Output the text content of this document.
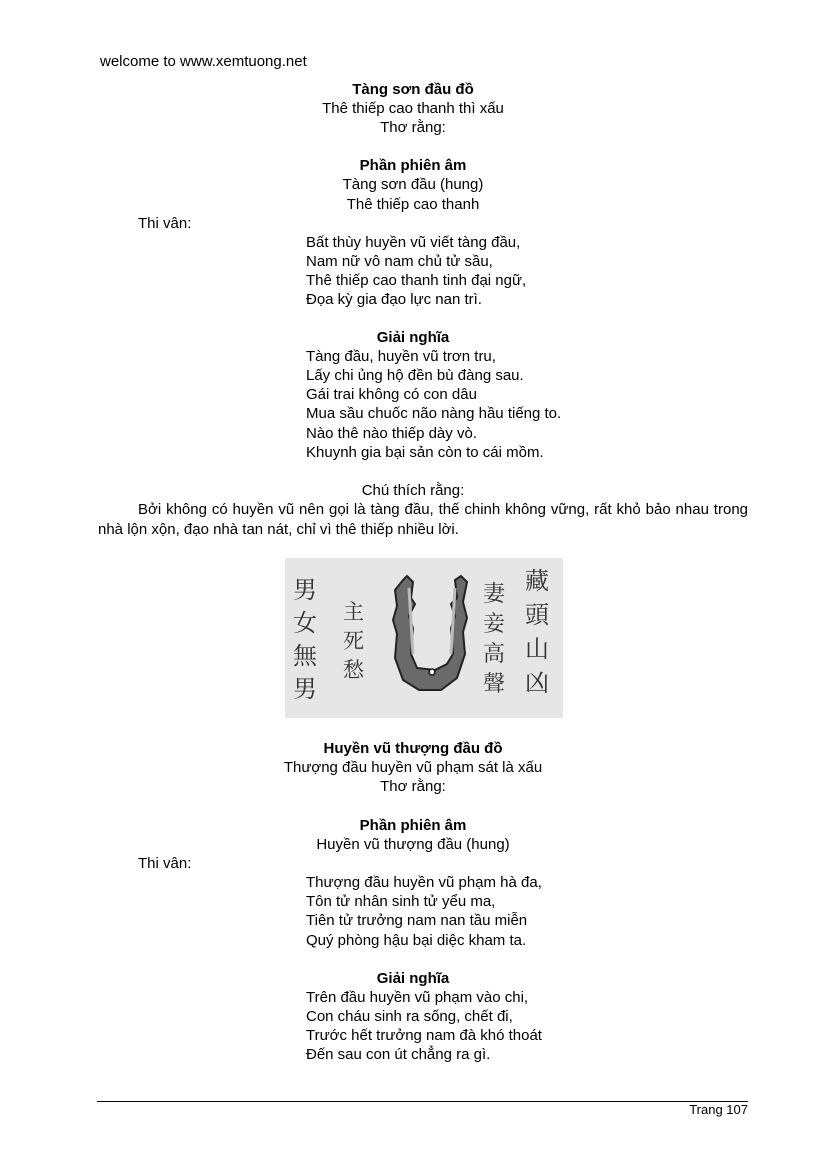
welcome to www.xemtuong.net
Tàng sơn đầu đồ
Thê thiếp cao thanh thì xấu
Thơ rằng:
Phần phiên âm
Tàng sơn đầu (hung)
Thê thiếp cao thanh
Thi vân:
Bất thùy huyền vũ viết tàng đầu,
Nam nữ vô nam chủ tử sầu,
Thê thiếp cao thanh tinh đại ngữ,
Đọa kỳ gia đạo lực nan trì.
Giải nghĩa
Tàng đầu, huyền vũ trơn tru,
Lấy chi ủng hộ đền bù đàng sau.
Gái trai không có con dâu
Mua sầu chuốc não nàng hầu tiếng to.
Nào thê nào thiếp dày vò.
Khuynh gia bại sản còn to cái mồm.
Chú thích rằng:
Bởi không có huyền vũ nên gọi là tàng đầu, thế chinh không vững, rất khỏ bảo nhau trong nhà lộn xộn, đạo nhà tan nát, chỉ vì thê thiếp nhiều lời.
藏頭山凶
妻妾高聲
主死愁
男女無男
Huyền vũ thượng đầu đồ
Thượng đầu huyền vũ phạm sát là xấu
Thơ rằng:
Phần phiên âm
Huyền vũ thượng đầu (hung)
Thi vân:
Thượng đầu huyền vũ phạm hà đa,
Tôn tử nhân sinh tử yểu ma,
Tiên tử trưởng nam nan tầu miễn
Quý phòng hậu bại diệc kham ta.
Giải nghĩa
Trên đầu huyền vũ phạm vào chi,
Con cháu sinh ra sống, chết đi,
Trước hết trưởng nam đà khó thoát
Đến sau con út chẳng ra gì.
Trang 107
